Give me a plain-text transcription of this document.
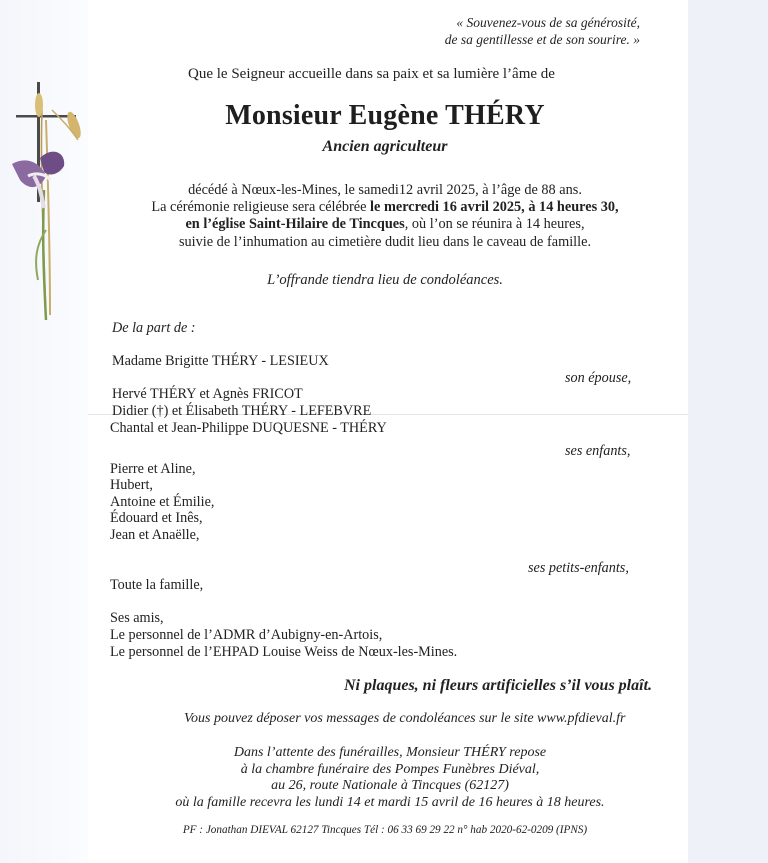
« Souvenez-vous de sa générosité,
de sa gentillesse et de son sourire. »
Que le Seigneur accueille dans sa paix et sa lumière l’âme de
Monsieur Eugène THÉRY
Ancien agriculteur
décédé à Nœux-les-Mines, le samedi12 avril 2025, à l’âge de 88 ans.
La cérémonie religieuse sera célébrée le mercredi 16 avril 2025, à 14 heures 30,
en l’église Saint-Hilaire de Tincques, où l’on se réunira à 14 heures,
suivie de l’inhumation au cimetière dudit lieu dans le caveau de famille.
L’offrande tiendra lieu de condoléances.
De la part de :
Madame Brigitte THÉRY - LESIEUX
son épouse,
Hervé THÉRY et Agnès FRICOT
Didier (†) et Élisabeth THÉRY - LEFEBVRE
Chantal et Jean-Philippe DUQUESNE - THÉRY
ses enfants,
Pierre et Aline,
Hubert,
Antoine et Émilie,
Édouard et Inês,
Jean et Anaëlle,
ses petits-enfants,
Toute la famille,
Ses amis,
Le personnel de l’ADMR d’Aubigny-en-Artois,
Le personnel de l’EHPAD Louise Weiss de Nœux-les-Mines.
Ni plaques, ni fleurs artificielles s’il vous plaît.
Vous pouvez déposer vos messages de condoléances sur le site www.pfdieval.fr
Dans l’attente des funérailles, Monsieur THÉRY repose
à la chambre funéraire des Pompes Funèbres Diéval,
au 26, route Nationale à Tincques (62127)
où la famille recevra les lundi 14 et mardi 15 avril de 16 heures à 18 heures.
PF : Jonathan DIEVAL 62127 Tincques Tél : 06 33 69 29 22 n° hab 2020-62-0209 (IPNS)
